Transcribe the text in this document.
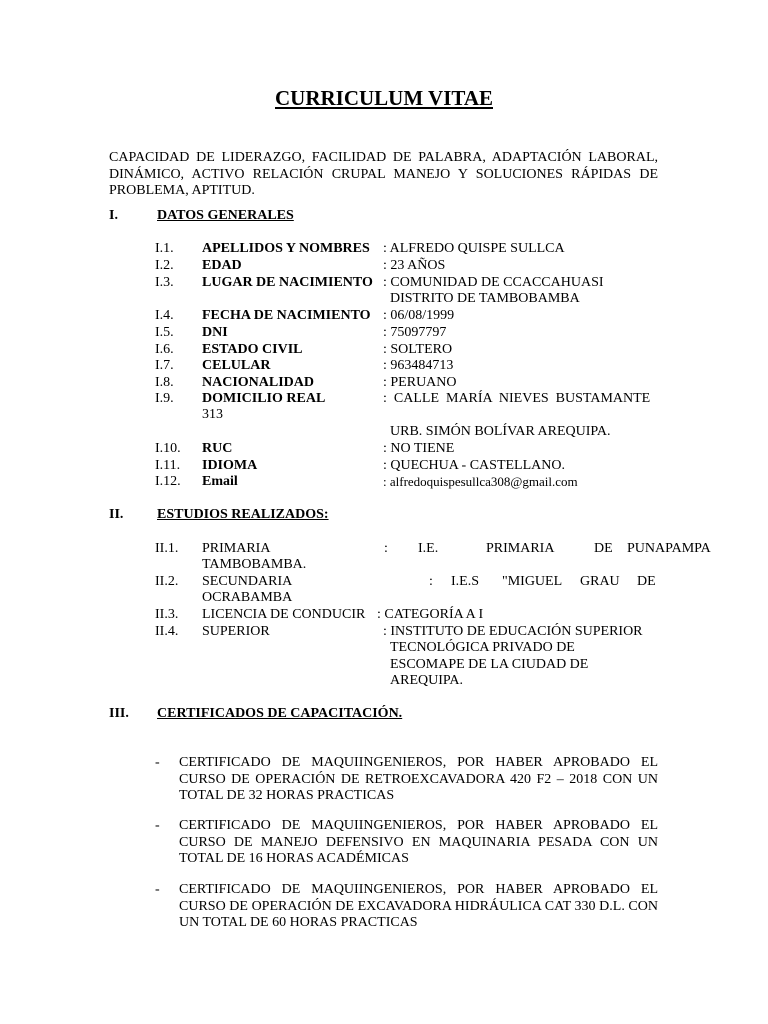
CURRICULUM VITAE
CAPACIDAD DE LIDERAZGO, FACILIDAD DE PALABRA, ADAPTACIÓN LABORAL, DINÁMICO, ACTIVO RELACIÓN CRUPAL MANEJO Y SOLUCIONES RÁPIDAS DE PROBLEMA, APTITUD.
I.	DATOS GENERALES
I.1. APELLIDOS Y NOMBRES : ALFREDO QUISPE SULLCA
I.2. EDAD	: 23 AÑOS
I.3. LUGAR DE NACIMIENTO : COMUNIDAD DE CCACCAHUASI
DISTRITO DE TAMBOBAMBA
I.4. FECHA DE NACIMIENTO : 06/08/1999
I.5. DNI	: 75097797
I.6. ESTADO CIVIL	: SOLTERO
I.7. CELULAR	: 963484713
I.8. NACIONALIDAD	: PERUANO
I.9. DOMICILIO REAL	:  CALLE  MARÍA  NIEVES  BUSTAMANTE
313
URB. SIMÓN BOLÍVAR AREQUIPA.
I.10. RUC	: NO TIENE
I.11. IDIOMA	: QUECHUA - CASTELLANO.
I.12. Email	: alfredoquispesullca308@gmail.com
II.	ESTUDIOS REALIZADOS:
II.1. PRIMARIA	: I.E.	PRIMARIA	DE PUNAPAMPA
TAMBOBAMBA.
II.2. SECUNDARIA	: I.E.S "MIGUEL GRAU DE
OCRABAMBA
II.3. LICENCIA DE CONDUCIR : CATEGORÍA A I
II.4. SUPERIOR	: INSTITUTO DE EDUCACIÓN SUPERIOR
TECNOLÓGICA PRIVADO DE
ESCOMAPE DE LA CIUDAD DE
AREQUIPA.
III.	CERTIFICADOS DE CAPACITACIÓN.
- CERTIFICADO DE MAQUIINGENIEROS, POR HABER APROBADO EL CURSO DE OPERACIÓN DE RETROEXCAVADORA 420 F2 – 2018 CON UN TOTAL DE 32 HORAS PRACTICAS
- CERTIFICADO DE MAQUIINGENIEROS, POR HABER APROBADO EL CURSO DE MANEJO DEFENSIVO EN MAQUINARIA PESADA CON UN TOTAL DE 16 HORAS ACADÉMICAS
- CERTIFICADO DE MAQUIINGENIEROS, POR HABER APROBADO EL CURSO DE OPERACIÓN DE EXCAVADORA HIDRÁULICA CAT 330 D.L. CON UN TOTAL DE 60 HORAS PRACTICAS
